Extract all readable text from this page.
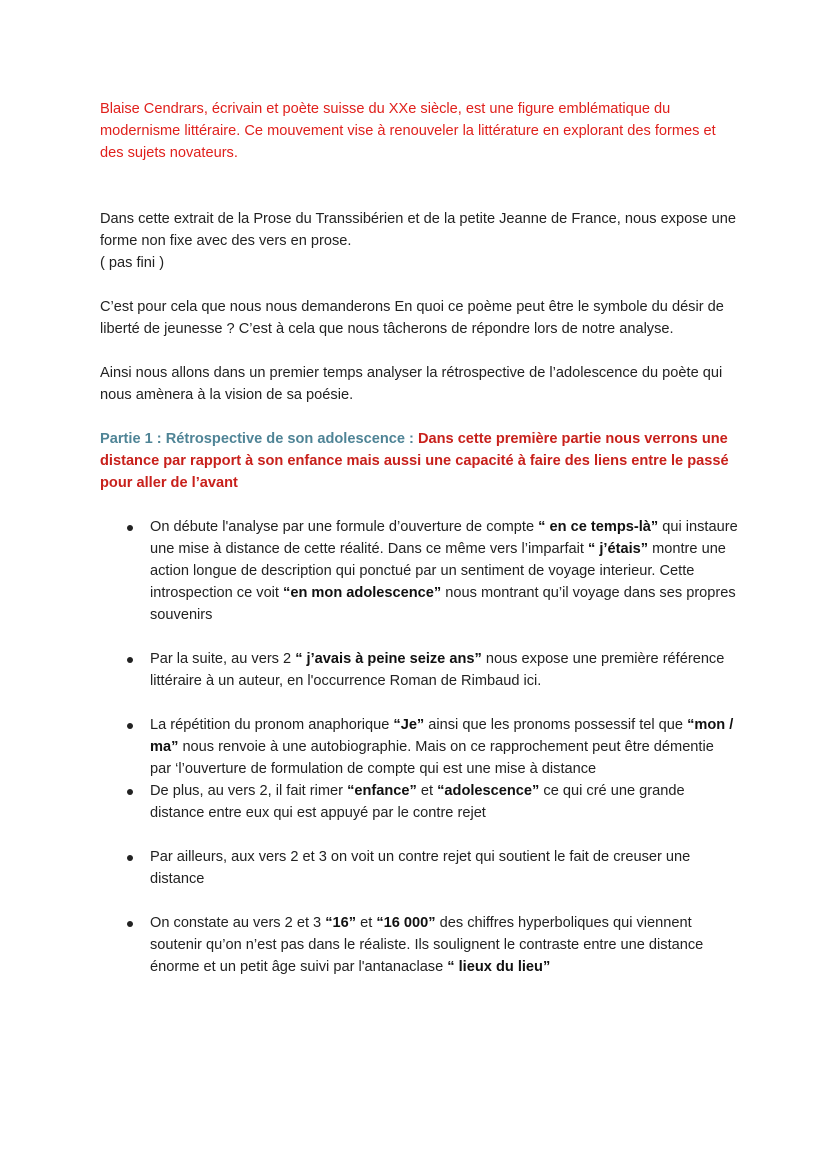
Blaise Cendrars, écrivain et poète suisse du XXe siècle, est une figure emblématique du modernisme littéraire. Ce mouvement vise à renouveler la littérature en explorant des formes et des sujets novateurs.

Dans cette extrait de la Prose du Transsibérien et de la petite Jeanne de France, nous expose une forme non fixe avec des vers en prose.

( pas fini )

C’est pour cela que nous nous demanderons En quoi ce poème peut être le symbole du désir de liberté de jeunesse ? C’est à cela que nous tâcherons de répondre lors de notre analyse.

Ainsi nous allons dans un premier temps analyser la rétrospective de l’adolescence du poète qui nous amènera à la vision de sa poésie.

Partie 1 : Rétrospective de son adolescence : Dans cette première partie nous verrons une distance par rapport à son enfance mais aussi une capacité à faire des liens entre le passé pour aller de l’avant

On débute l'analyse par une formule d’ouverture de compte “ en ce temps-là” qui instaure une mise à distance de cette réalité. Dans ce même vers l’imparfait “ j’étais” montre une action longue de description qui ponctué par un sentiment de voyage interieur. Cette introspection ce voit “en mon adolescence” nous montrant qu’il voyage dans ses propres souvenirs
Par la suite, au vers 2 “ j’avais à peine seize ans” nous expose une première référence littéraire à un auteur, en l'occurrence Roman de Rimbaud ici.
La répétition du pronom anaphorique “Je” ainsi que les pronoms possessif tel que “mon / ma” nous renvoie à une autobiographie. Mais on ce rapprochement peut être démentie par ‘l’ouverture de formulation de compte qui est une mise à distance
De plus, au vers 2, il fait rimer “enfance” et “adolescence” ce qui cré une grande distance entre eux qui est appuyé par le contre rejet
Par ailleurs, aux vers 2 et 3 on voit un contre rejet qui soutient le fait de creuser une distance
On constate au vers 2 et 3 “16” et “16 000” des chiffres hyperboliques qui viennent soutenir qu’on n’est pas dans le réaliste. Ils soulignent le contraste entre une distance énorme et un petit âge suivi par l'antanaclase “ lieux du lieu”
